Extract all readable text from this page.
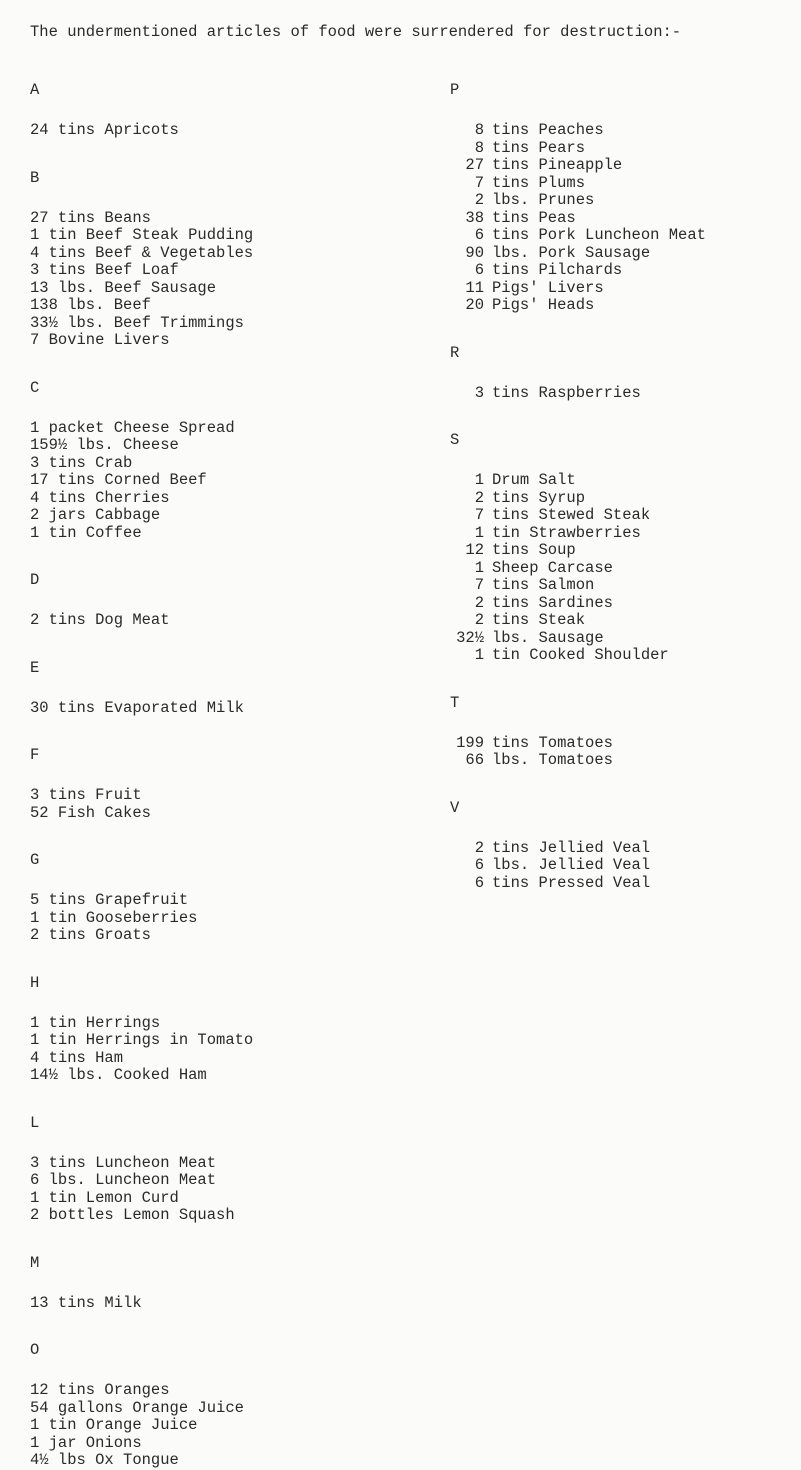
The undermentioned articles of food were surrendered for destruction:-

A

24 tins Apricots

B

27 tins Beans
1 tin Beef Steak Pudding
4 tins Beef & Vegetables
3 tins Beef Loaf
13 lbs. Beef Sausage
138 lbs. Beef
33½ lbs. Beef Trimmings
7 Bovine Livers

C

1 packet Cheese Spread
159½ lbs. Cheese
3 tins Crab
17 tins Corned Beef
4 tins Cherries
2 jars Cabbage
1 tin Coffee

D

2 tins Dog Meat

E

30 tins Evaporated Milk

F

3 tins Fruit
52 Fish Cakes

G

5 tins Grapefruit
1 tin Gooseberries
2 tins Groats

H

1 tin Herrings
1 tin Herrings in Tomato
4 tins Ham
14½ lbs. Cooked Ham

L

3 tins Luncheon Meat
6 lbs. Luncheon Meat
1 tin Lemon Curd
2 bottles Lemon Squash

M

13 tins Milk

O

12 tins Oranges
54 gallons Orange Juice
1 tin Orange Juice
1 jar Onions
4½ lbs Ox Tongue

P

8 tins Peaches
8 tins Pears
27 tins Pineapple
7 tins Plums
2 lbs. Prunes
38 tins Peas
6 tins Pork Luncheon Meat
90 lbs. Pork Sausage
6 tins Pilchards
11 Pigs' Livers
20 Pigs' Heads

R

3 tins Raspberries

S

1 Drum Salt
2 tins Syrup
7 tins Stewed Steak
1 tin Strawberries
12 tins Soup
1 Sheep Carcase
7 tins Salmon
2 tins Sardines
2 tins Steak
32½ lbs. Sausage
1 tin Cooked Shoulder

T

199 tins Tomatoes
66 lbs. Tomatoes

V

2 tins Jellied Veal
6 lbs. Jellied Veal
6 tins Pressed Veal
